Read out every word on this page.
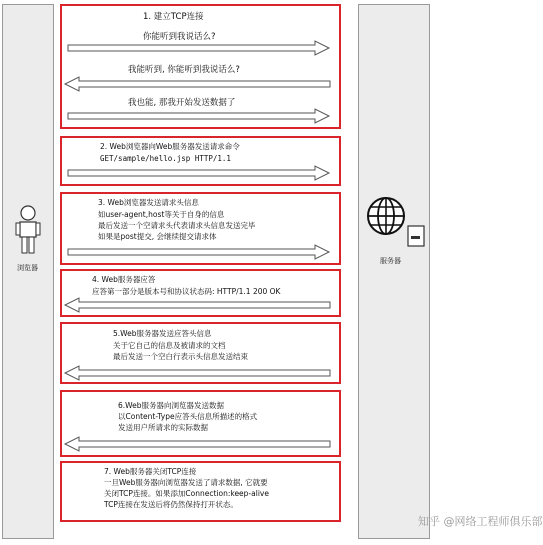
浏览器
服务器
1. 建立TCP连接
你能听到我说话么?
我能听到, 你能听到我说话么?
我也能, 那我开始发送数据了
2. Web浏览器向Web服务器发送请求命令
GET/sample/hello.jsp HTTP/1.1
3. Web浏览器发送请求头信息
如user-agent,host等关于自身的信息
最后发送一个空请求头代表请求头信息发送完毕
如果是post提交, 会继续提交请求体
4. Web服务器应答
应答第一部分是版本号和协议状态码: HTTP/1.1 200 OK
5.Web服务器发送应答头信息
关于它自己的信息及被请求的文档
最后发送一个空白行表示头信息发送结束
6.Web服务器向浏览器发送数据
以Content-Type应答头信息所描述的格式
发送用户所请求的实际数据
7. Web服务器关闭TCP连接
一旦Web服务器向浏览器发送了请求数据, 它就要
关闭TCP连接。如果添加Connection:keep-alive
TCP连接在发送后将仍然保持打开状态。
知乎 @网络工程师俱乐部
